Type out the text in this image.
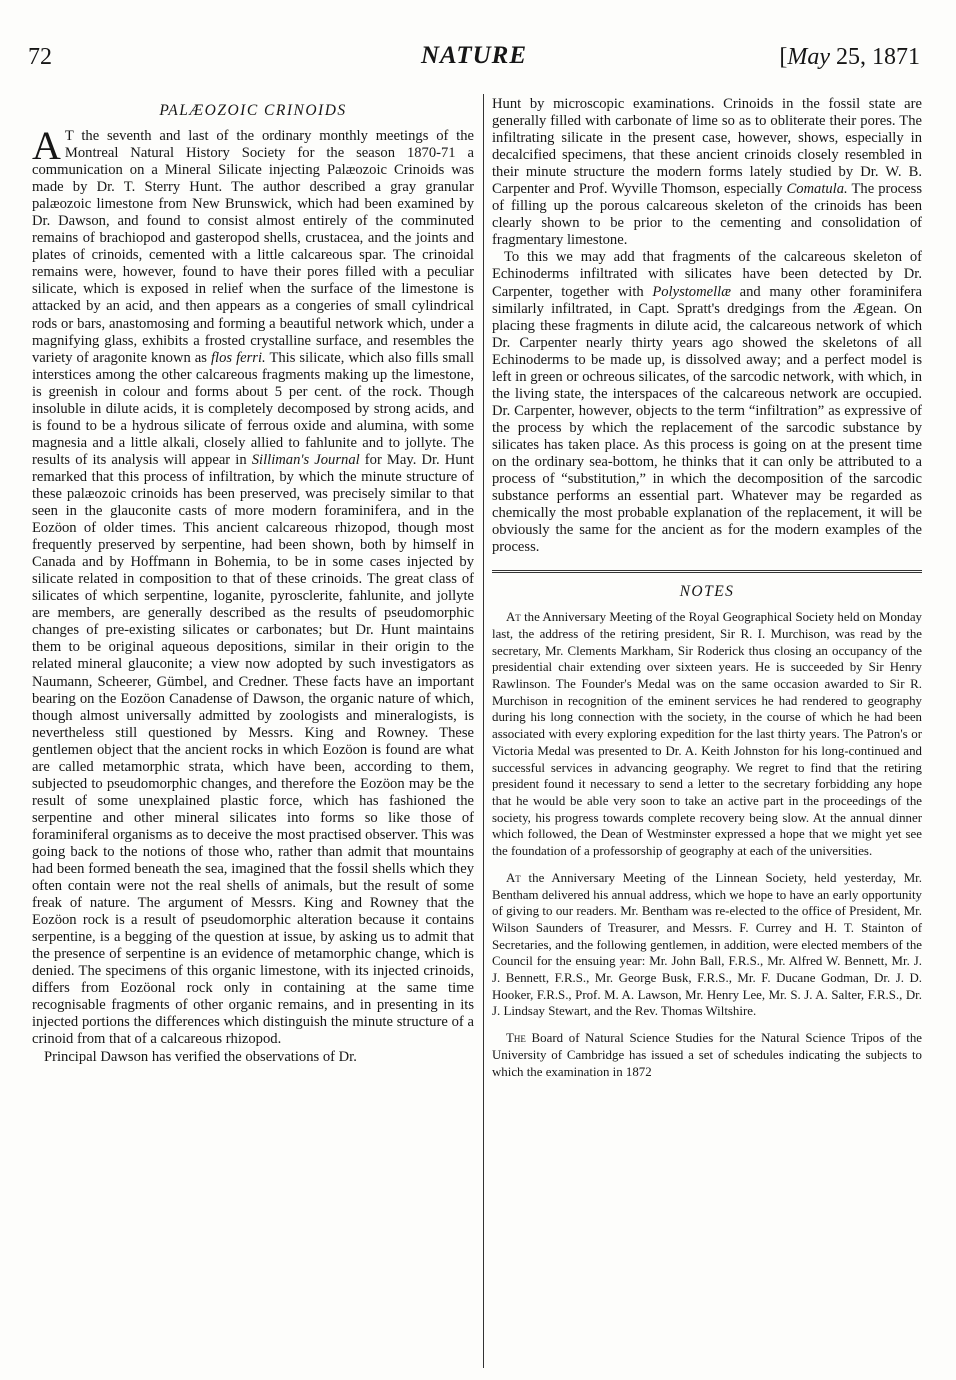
72	NATURE	[May 25, 1871
PALÆOZOIC CRINOIDS

A T the seventh and last of the ordinary monthly meetings of the Montreal Natural History Society for the season 1870-71 a communication on a Mineral Silicate injecting Palæozoic Crinoids was made by Dr. T. Sterry Hunt. The author described a gray granular palæozoic limestone from New Brunswick, which had been examined by Dr. Dawson, and found to consist almost entirely of the comminuted remains of brachiopod and gasteropod shells, crustacea, and the joints and plates of crinoids, cemented with a little calcareous spar. The crinoidal remains were, however, found to have their pores filled with a peculiar silicate, which is exposed in relief when the surface of the limestone is attacked by an acid, and then appears as a congeries of small cylindrical rods or bars, anastomosing and forming a beautiful network which, under a magnifying glass, exhibits a frosted crystalline surface, and resembles the variety of aragonite known as flos ferri. This silicate, which also fills small interstices among the other calcareous fragments making up the limestone, is greenish in colour and forms about 5 per cent. of the rock. Though insoluble in dilute acids, it is completely decomposed by strong acids, and is found to be a hydrous silicate of ferrous oxide and alumina, with some magnesia and a little alkali, closely allied to fahlunite and to jollyte. The results of its analysis will appear in Silliman's Journal for May. Dr. Hunt remarked that this process of infiltration, by which the minute structure of these palæozoic crinoids has been preserved, was precisely similar to that seen in the glauconite casts of more modern foraminifera, and in the Eozöon of older times. This ancient calcareous rhizopod, though most frequently preserved by serpentine, had been shown, both by himself in Canada and by Hoffmann in Bohemia, to be in some cases injected by silicate related in composition to that of these crinoids. The great class of silicates of which serpentine, loganite, pyrosclerite, fahlunite, and jollyte are members, are generally described as the results of pseudomorphic changes of pre-existing silicates or carbonates; but Dr. Hunt maintains them to be original aqueous depositions, similar in their origin to the related mineral glauconite; a view now adopted by such investigators as Naumann, Scheerer, Gümbel, and Credner. These facts have an important bearing on the Eozöon Canadense of Dawson, the organic nature of which, though almost universally admitted by zoologists and mineralogists, is nevertheless still questioned by Messrs. King and Rowney. These gentlemen object that the ancient rocks in which Eozöon is found are what are called metamorphic strata, which have been, according to them, subjected to pseudomorphic changes, and therefore the Eozöon may be the result of some unexplained plastic force, which has fashioned the serpentine and other mineral silicates into forms so like those of foraminiferal organisms as to deceive the most practised observer. This was going back to the notions of those who, rather than admit that mountains had been formed beneath the sea, imagined that the fossil shells which they often contain were not the real shells of animals, but the result of some freak of nature. The argument of Messrs. King and Rowney that the Eozöon rock is a result of pseudomorphic alteration because it contains serpentine, is a begging of the question at issue, by asking us to admit that the presence of serpentine is an evidence of metamorphic change, which is denied. The specimens of this organic limestone, with its injected crinoids, differs from Eozöonal rock only in containing at the same time recognisable fragments of other organic remains, and in presenting in its injected portions the differences which distinguish the minute structure of a crinoid from that of a calcareous rhizopod.

Principal Dawson has verified the observations of Dr.

Hunt by microscopic examinations. Crinoids in the fossil state are generally filled with carbonate of lime so as to obliterate their pores. The infiltrating silicate in the present case, however, shows, especially in decalcified specimens, that these ancient crinoids closely resembled in their minute structure the modern forms lately studied by Dr. W. B. Carpenter and Prof. Wyville Thomson, especially Comatula. The process of filling up the porous calcareous skeleton of the crinoids has been clearly shown to be prior to the cementing and consolidation of fragmentary limestone.

To this we may add that fragments of the calcareous skeleton of Echinoderms infiltrated with silicates have been detected by Dr. Carpenter, together with Polystomellæ and many other foraminifera similarly infiltrated, in Capt. Spratt's dredgings from the Ægean. On placing these fragments in dilute acid, the calcareous network of which Dr. Carpenter nearly thirty years ago showed the skeletons of all Echinoderms to be made up, is dissolved away; and a perfect model is left in green or ochreous silicates, of the sarcodic network, with which, in the living state, the interspaces of the calcareous network are occupied. Dr. Carpenter, however, objects to the term “infiltration” as expressive of the process by which the replacement of the sarcodic substance by silicates has taken place. As this process is going on at the present time on the ordinary sea-bottom, he thinks that it can only be attributed to a process of “substitution,” in which the decomposition of the sarcodic substance performs an essential part. Whatever may be regarded as chemically the most probable explanation of the replacement, it will be obviously the same for the ancient as for the modern examples of the process.

NOTES

At the Anniversary Meeting of the Royal Geographical Society held on Monday last, the address of the retiring president, Sir R. I. Murchison, was read by the secretary, Mr. Clements Markham, Sir Roderick thus closing an occupancy of the presidential chair extending over sixteen years. He is succeeded by Sir Henry Rawlinson. The Founder's Medal was on the same occasion awarded to Sir R. Murchison in recognition of the eminent services he had rendered to geography during his long connection with the society, in the course of which he had been associated with every exploring expedition for the last thirty years. The Patron's or Victoria Medal was presented to Dr. A. Keith Johnston for his long-continued and successful services in advancing geography. We regret to find that the retiring president found it necessary to send a letter to the secretary forbidding any hope that he would be able very soon to take an active part in the proceedings of the society, his progress towards complete recovery being slow. At the annual dinner which followed, the Dean of Westminster expressed a hope that we might yet see the foundation of a professorship of geography at each of the universities.

At the Anniversary Meeting of the Linnean Society, held yesterday, Mr. Bentham delivered his annual address, which we hope to have an early opportunity of giving to our readers. Mr. Bentham was re-elected to the office of President, Mr. Wilson Saunders of Treasurer, and Messrs. F. Currey and H. T. Stainton of Secretaries, and the following gentlemen, in addition, were elected members of the Council for the ensuing year: Mr. John Ball, F.R.S., Mr. Alfred W. Bennett, Mr. J. J. Bennett, F.R.S., Mr. George Busk, F.R.S., Mr. F. Ducane Godman, Dr. J. D. Hooker, F.R.S., Prof. M. A. Lawson, Mr. Henry Lee, Mr. S. J. A. Salter, F.R.S., Dr. J. Lindsay Stewart, and the Rev. Thomas Wiltshire.

The Board of Natural Science Studies for the Natural Science Tripos of the University of Cambridge has issued a set of schedules indicating the subjects to which the examination in 1872
